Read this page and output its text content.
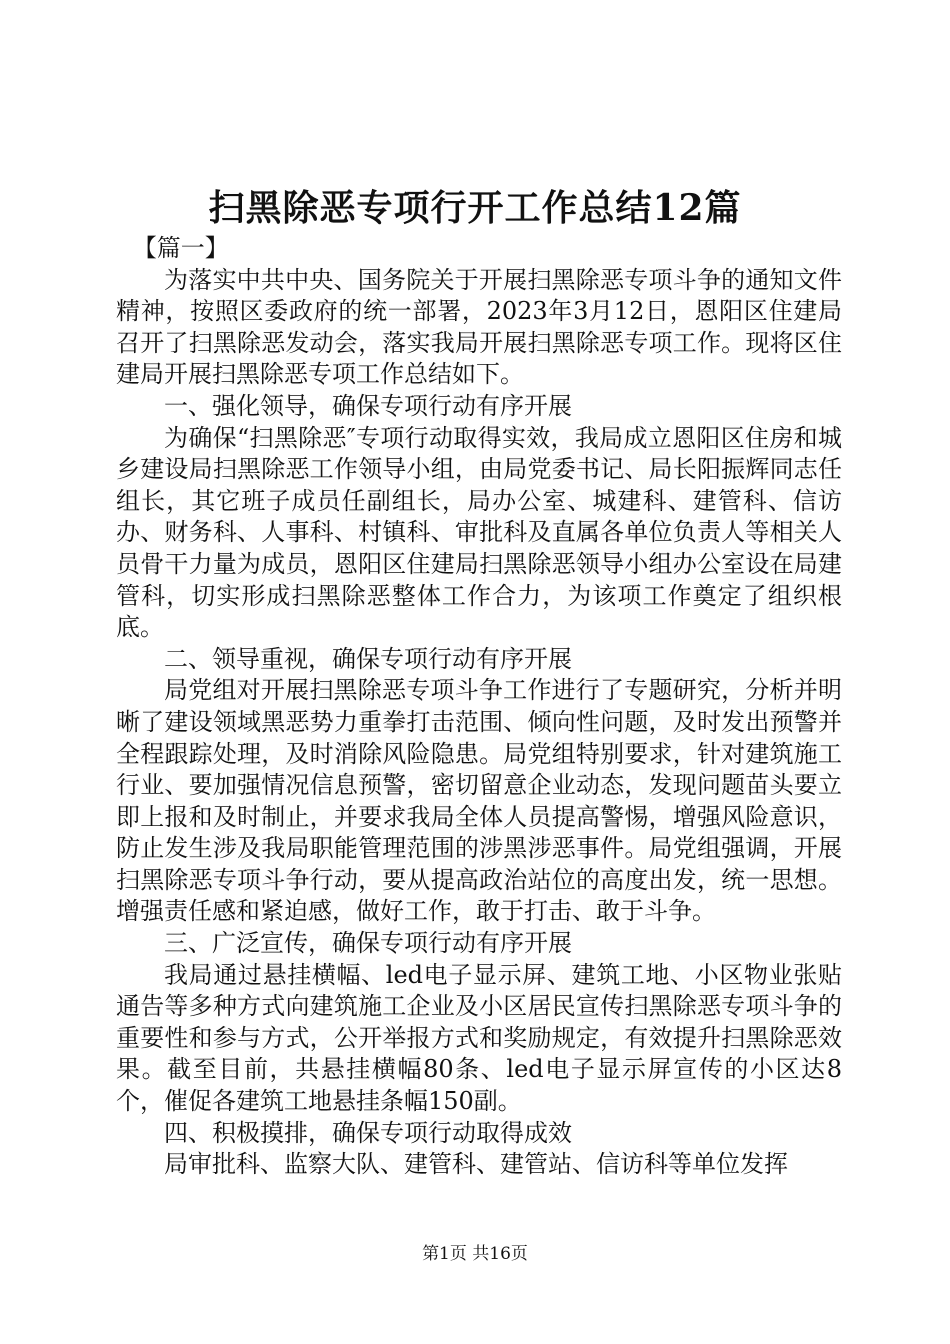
扫黑除恶专项行开工作总结12篇

【篇一】

为落实中共中央、国务院关于开展扫黑除恶专项斗争的通知文件精神，按照区委政府的统一部署，2023年3月12日，恩阳区住建局召开了扫黑除恶发动会，落实我局开展扫黑除恶专项工作。现将区住建局开展扫黑除恶专项工作总结如下。

一、强化领导，确保专项行动有序开展

为确保“扫黑除恶″专项行动取得实效，我局成立恩阳区住房和城乡建设局扫黑除恶工作领导小组，由局党委书记、局长阳振辉同志任组长，其它班子成员任副组长，局办公室、城建科、建管科、信访办、财务科、人事科、村镇科、审批科及直属各单位负责人等相关人员骨干力量为成员，恩阳区住建局扫黑除恶领导小组办公室设在局建管科，切实形成扫黑除恶整体工作合力，为该项工作奠定了组织根底。

二、领导重视，确保专项行动有序开展

局党组对开展扫黑除恶专项斗争工作进行了专题研究，分析并明晰了建设领域黑恶势力重拳打击范围、倾向性问题，及时发出预警并全程跟踪处理，及时消除风险隐患。局党组特别要求，针对建筑施工行业、要加强情况信息预警，密切留意企业动态，发现问题苗头要立即上报和及时制止，并要求我局全体人员提高警惕，增强风险意识，防止发生涉及我局职能管理范围的涉黑涉恶事件。局党组强调，开展扫黑除恶专项斗争行动，要从提高政治站位的高度出发，统一思想。增强责任感和紧迫感，做好工作，敢于打击、敢于斗争。

三、广泛宣传，确保专项行动有序开展

我局通过悬挂横幅、led电子显示屏、建筑工地、小区物业张贴通告等多种方式向建筑施工企业及小区居民宣传扫黑除恶专项斗争的重要性和参与方式，公开举报方式和奖励规定，有效提升扫黑除恶效果。截至目前，共悬挂横幅80条、led电子显示屏宣传的小区达8个，催促各建筑工地悬挂条幅150副。

四、积极摸排，确保专项行动取得成效

局审批科、监察大队、建管科、建管站、信访科等单位发挥

第1页 共16页
